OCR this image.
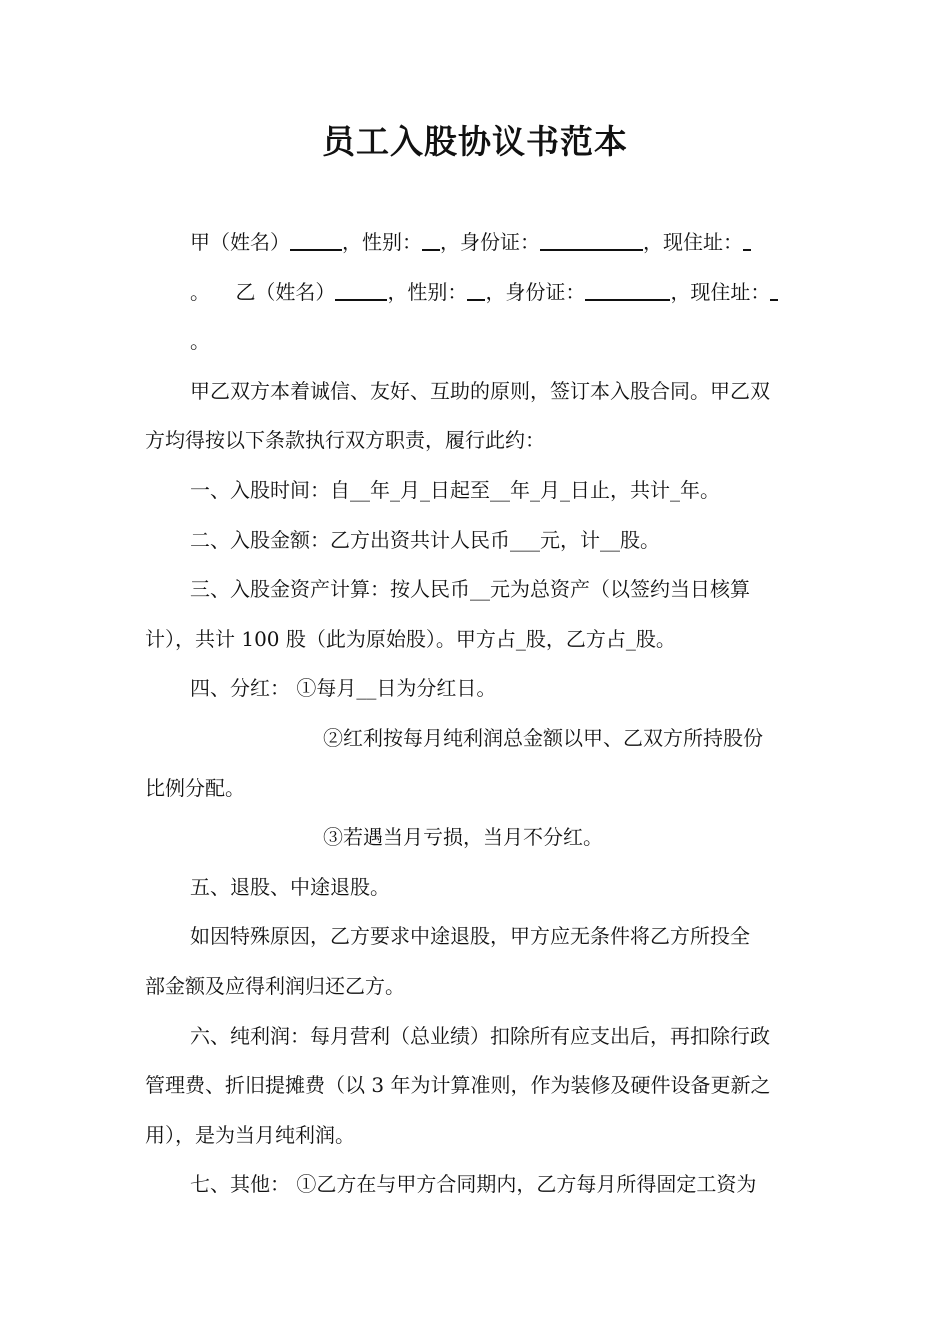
员工入股协议书范本
甲（姓名）	，性别： ，身份证：	，现住址：
。 乙（姓名）	，性别： ，身份证：	，现住址：
。
甲乙双方本着诚信、友好、互助的原则，签订本入股合同。甲乙双
方均得按以下条款执行双方职责，履行此约：
一、入股时间：自__年_月_日起至__年_月_日止，共计_年。
二、入股金额：乙方出资共计人民币___元，计__股。
三、入股金资产计算：按人民币__元为总资产（以签约当日核算
计），共计 100 股（此为原始股）。甲方占_股，乙方占_股。
四、分红： ①每月__日为分红日。
②红利按每月纯利润总金额以甲、乙双方所持股份
比例分配。
③若遇当月亏损，当月不分红。
五、退股、中途退股。
如因特殊原因，乙方要求中途退股，甲方应无条件将乙方所投全
部金额及应得利润归还乙方。
六、纯利润：每月营利（总业绩）扣除所有应支出后，再扣除行政
管理费、折旧提摊费（以 3 年为计算准则，作为装修及硬件设备更新之
用），是为当月纯利润。
七、其他： ①乙方在与甲方合同期内，乙方每月所得固定工资为
